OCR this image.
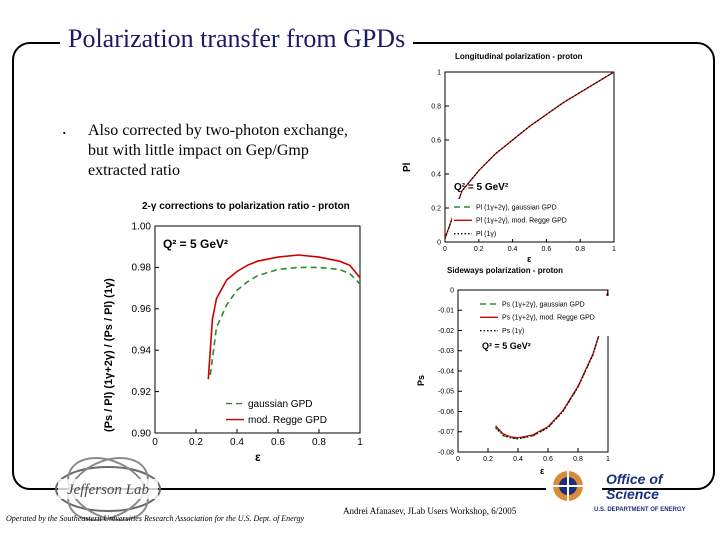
Polarization transfer from GPDs
. Also corrected by two-photon exchange, but with little impact on Gep/Gmp extracted ratio
2-γ corrections to polarization ratio - proton
Q² = 5 GeV²
ε
(Ps / Pl) (1γ+2γ) / (Ps / Pl) (1γ)
0	0.2	0.4	0.6	0.8	1
1.00
0.98
0.96
0.94
0.92
0.90
gaussian GPD
mod. Regge GPD
Longitudinal polarization - proton
Q² = 5 GeV²
ε
Pl
0	0.2	0.4	0.6	0.8	1
1
0.8
0.6
0.4
0.2
0
Pl (1γ+2γ), gaussian GPD
Pl (1γ+2γ), mod. Regge GPD
Pl (1γ)
Sideways polarization - proton
Q² = 5 GeV²
ε
Ps
0	0.2	0.4	0.6	0.8	1
0
-0.01
-0.02
-0.03
-0.04
-0.05
-0.06
-0.07
-0.08
Ps (1γ+2γ), gaussian GPD
Ps (1γ+2γ), mod. Regge GPD
Ps (1γ)
Jefferson Lab
Office of
Science
U.S. DEPARTMENT OF ENERGY
Operated by the Southeastern Universities Research Association for the U.S. Dept. of Energy
Andrei Afanasev, JLab Users Workshop, 6/2005
